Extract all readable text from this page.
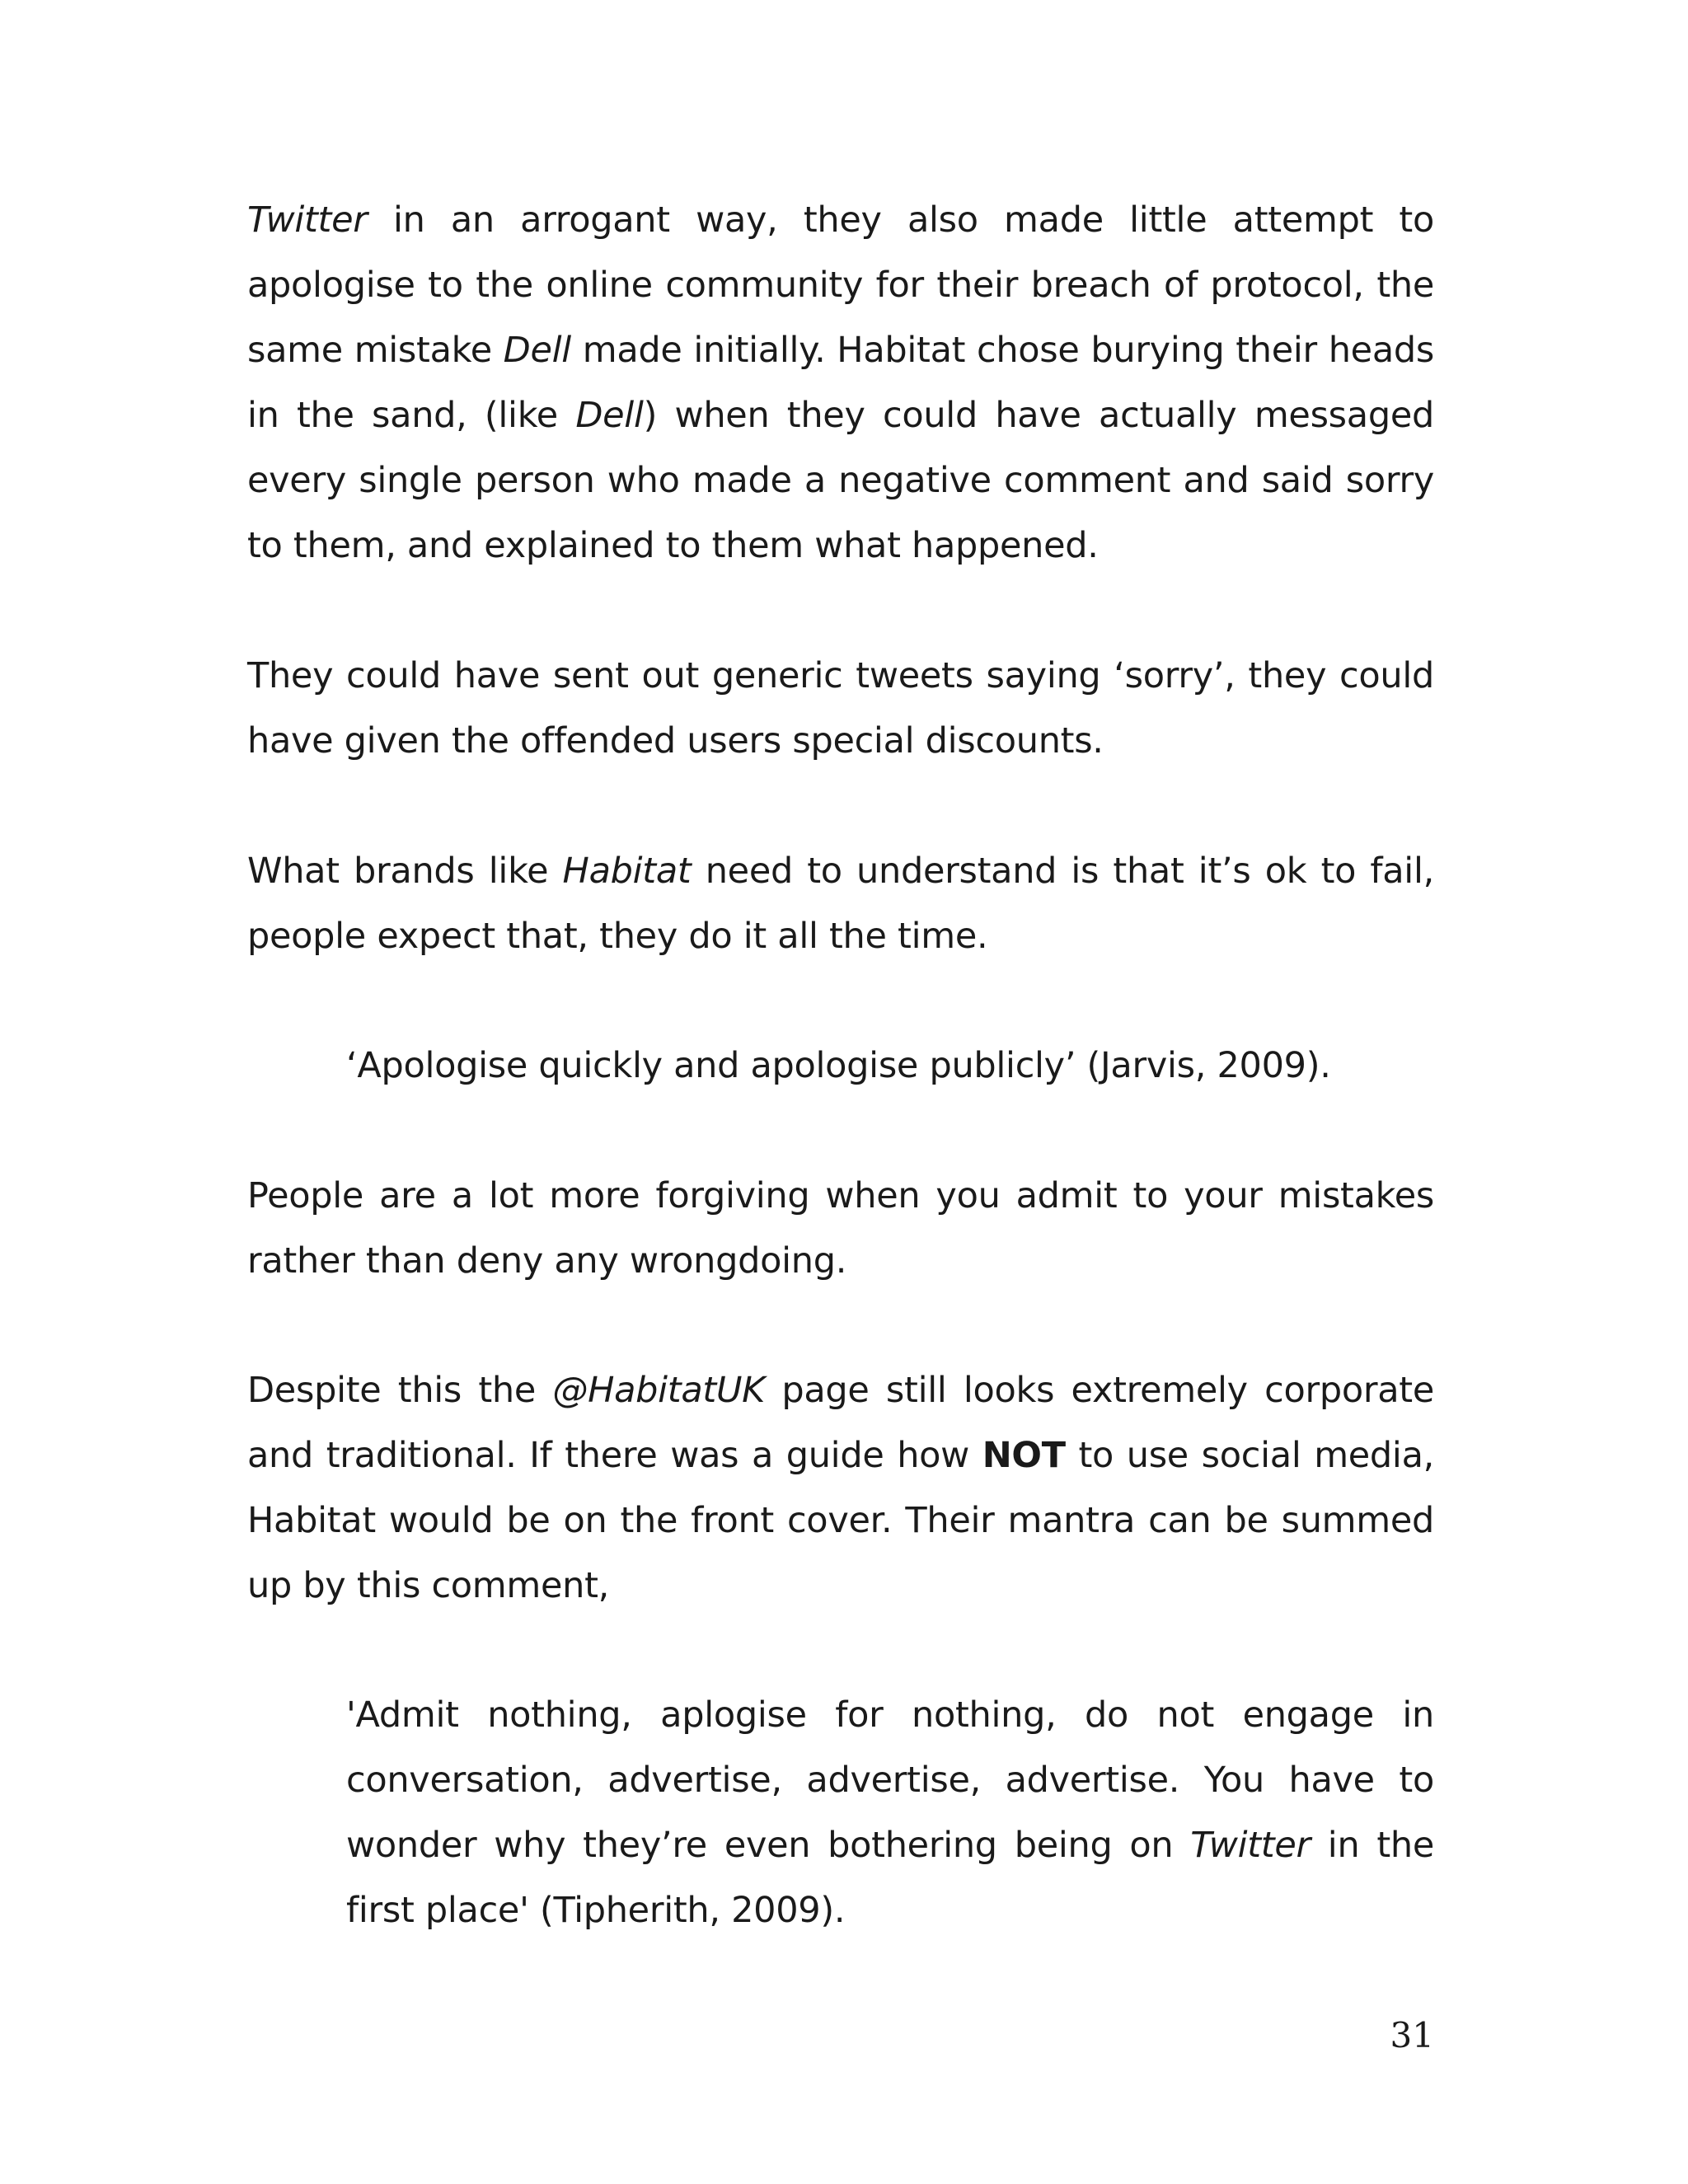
Twitter in an arrogant way, they also made little attempt to apologise to the online community for their breach of protocol, the same mistake Dell made initially. Habitat chose burying their heads in the sand, (like Dell) when they could have actually messaged every single person who made a negative comment and said sorry to them, and explained to them what happened.

They could have sent out generic tweets saying ‘sorry’, they could have given the offended users special discounts.

What brands like Habitat need to understand is that it’s ok to fail, people expect that, they do it all the time.

‘Apologise quickly and apologise publicly’ (Jarvis, 2009).

People are a lot more forgiving when you admit to your mistakes rather than deny any wrongdoing.

Despite this the @HabitatUK page still looks extremely corporate and traditional. If there was a guide how NOT to use social media, Habitat would be on the front cover. Their mantra can be summed up by this comment,

'Admit nothing, aplogise for nothing, do not engage in conversation, advertise, advertise, advertise. You have to wonder why they’re even bothering being on Twitter in the first place' (Tipherith, 2009).

31
